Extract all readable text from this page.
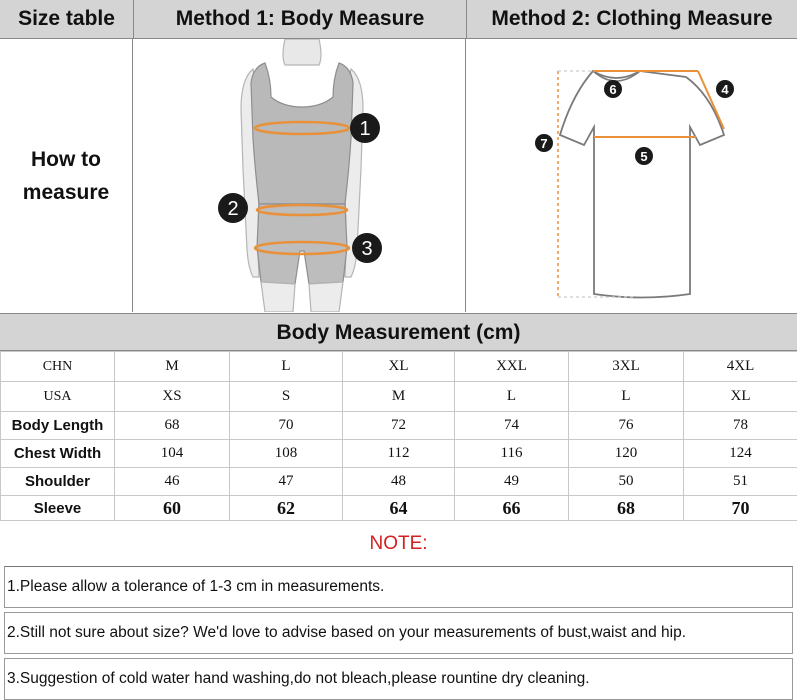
Size table	Method 1: Body Measure	Method 2: Clothing Measure
How to measure
1
2
3
4
5
6
7
Body Measurement (cm)
CHN	M	L	XL	XXL	3XL	4XL
USA	XS	S	M	L	L	XL
Body Length	68	70	72	74	76	78
Chest Width	104	108	112	116	120	124
Shoulder	46	47	48	49	50	51
Sleeve	60	62	64	66	68	70
NOTE:
1.Please allow a tolerance of 1-3 cm in measurements.
2.Still not sure about size? We'd love to advise based on your measurements of bust,waist and hip.
3.Suggestion of cold water hand washing,do not bleach,please rountine dry cleaning.
